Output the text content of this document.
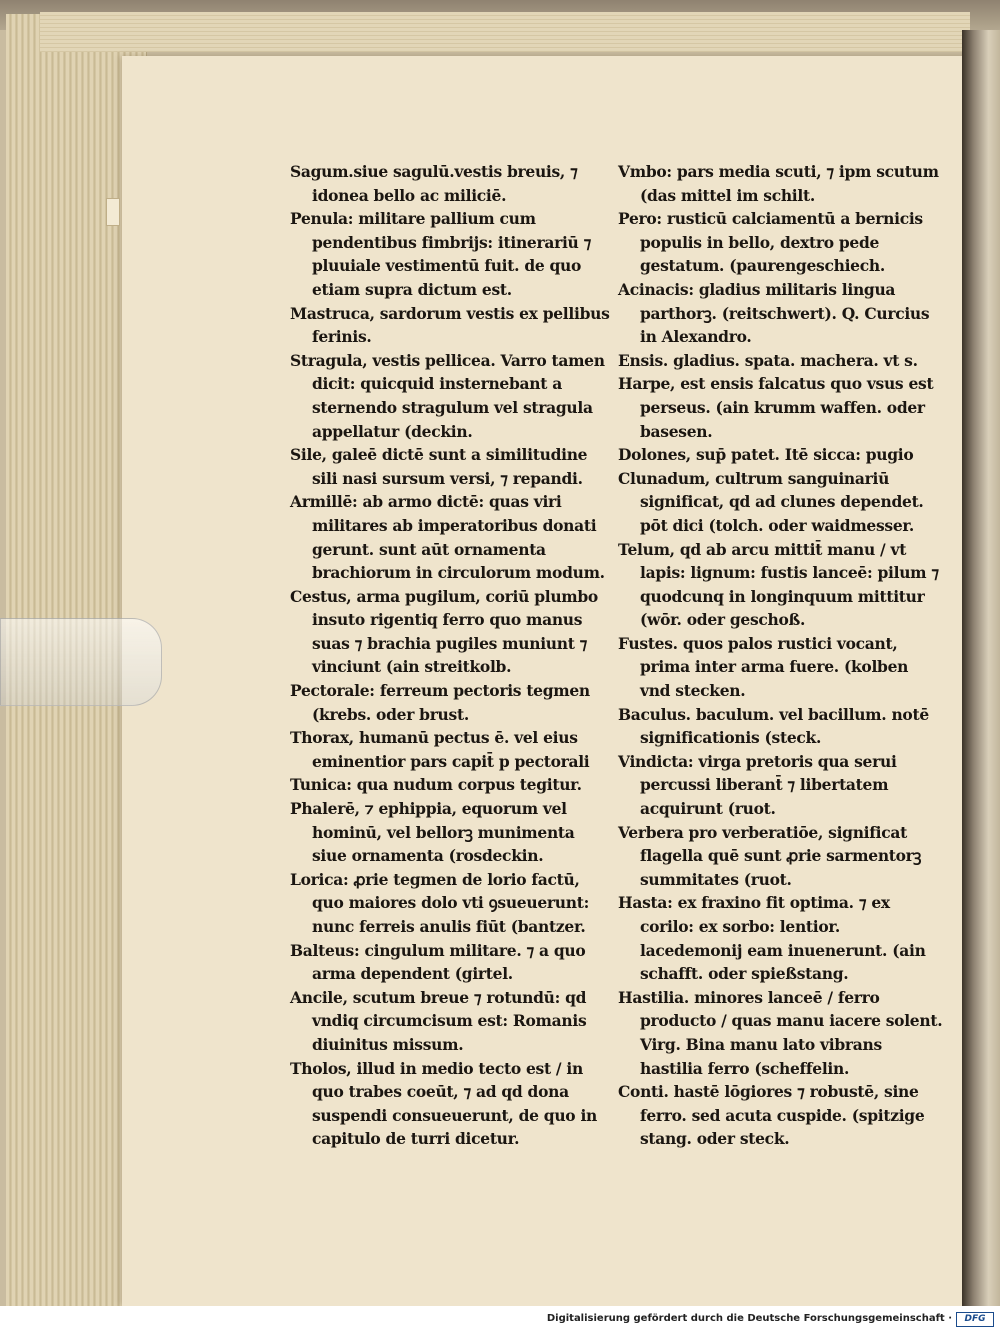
Sagum.siue sagulū.vestis breuis, ⁊ idonea bello ac miliciē.

Penula: militare pallium cum pendentibus fimbrijs: itinerariū ⁊ pluuiale vestimentū fuit. de quo etiam supra dictum est.

Mastruca, sardorum vestis ex pellibus ferinis.

Stragula, vestis pellicea. Varro tamen dicit: quicquid insternebant a sternendo stragulum vel stragula appellatur (deckin.

Sile, galeē dictē sunt a similitudine sili nasi sursum versi, ⁊ repandi.

Armillē: ab armo dictē: quas viri militares ab imperatoribus donati gerunt. sunt aūt ornamenta brachiorum in circulorum modum.

Cestus, arma pugilum, coriū plumbo insuto rigentiq ferro quo manus suas ⁊ brachia pugiles muniunt ⁊ vinciunt (ain streitkolb.

Pectorale: ferreum pectoris tegmen (krebs. oder brust.

Thorax, humanū pectus ē. vel eius eminentior pars capit̄ p pectorali

Tunica: qua nudum corpus tegitur.

Phalerē, ⁊ ephippia, equorum vel hominū, vel bellorꝫ munimenta siue ornamenta (rosdeckin.

Lorica: ꝓrie tegmen de lorio factū, quo maiores dolo vti ꝯsueuerunt: nunc ferreis anulis fiūt (bantzer.

Balteus: cingulum militare. ⁊ a quo arma dependent (girtel.

Ancile, scutum breue ⁊ rotundū: qd vndiq circumcisum est: Romanis diuinitus missum.

Tholos, illud in medio tecto est / in quo trabes coeūt, ⁊ ad qd dona suspendi consueuerunt, de quo in capitulo de turri dicetur.

Vmbo: pars media scuti, ⁊ ipm scutum (das mittel im schilt.

Pero: rusticū calciamentū a bernicis populis in bello, dextro pede gestatum. (paurengeschiech.

Acinacis: gladius militaris lingua parthorꝫ. (reitschwert). Q. Curcius in Alexandro.

Ensis. gladius. spata. machera. vt s.

Harpe, est ensis falcatus quo vsus est perseus. (ain krumm waffen. oder basesen.

Dolones, sup̄ patet. Itē sicca: pugio

Clunadum, cultrum sanguinariū significat, qd ad clunes dependet. pōt dici (tolch. oder waidmesser.

Telum, qd ab arcu mittit̄ manu / vt lapis: lignum: fustis lanceē: pilum ⁊ quodcunq in longinquum mittitur (wōr. oder geschoß.

Fustes. quos palos rustici vocant, prima inter arma fuere. (kolben vnd stecken.

Baculus. baculum. vel bacillum. notē significationis (steck.

Vindicta: virga pretoris qua serui percussi liberant̄ ⁊ libertatem acquirunt (ruot.

Verbera pro verberatiōe, significat flagella quē sunt ꝓrie sarmentorꝫ summitates (ruot.

Hasta: ex fraxino fit optima. ⁊ ex corilo: ex sorbo: lentior. lacedemonij eam inuenerunt. (ain schafft. oder spießstang.

Hastilia. minores lanceē / ferro producto / quas manu iacere solent. Virg. Bina manu lato vibrans hastilia ferro (scheffelin.

Conti. hastē lōgiores ⁊ robustē, sine ferro. sed acuta cuspide. (spitzige stang. oder steck.

Digitalisierung gefördert durch die Deutsche Forschungsgemeinschaft ·	DFG
